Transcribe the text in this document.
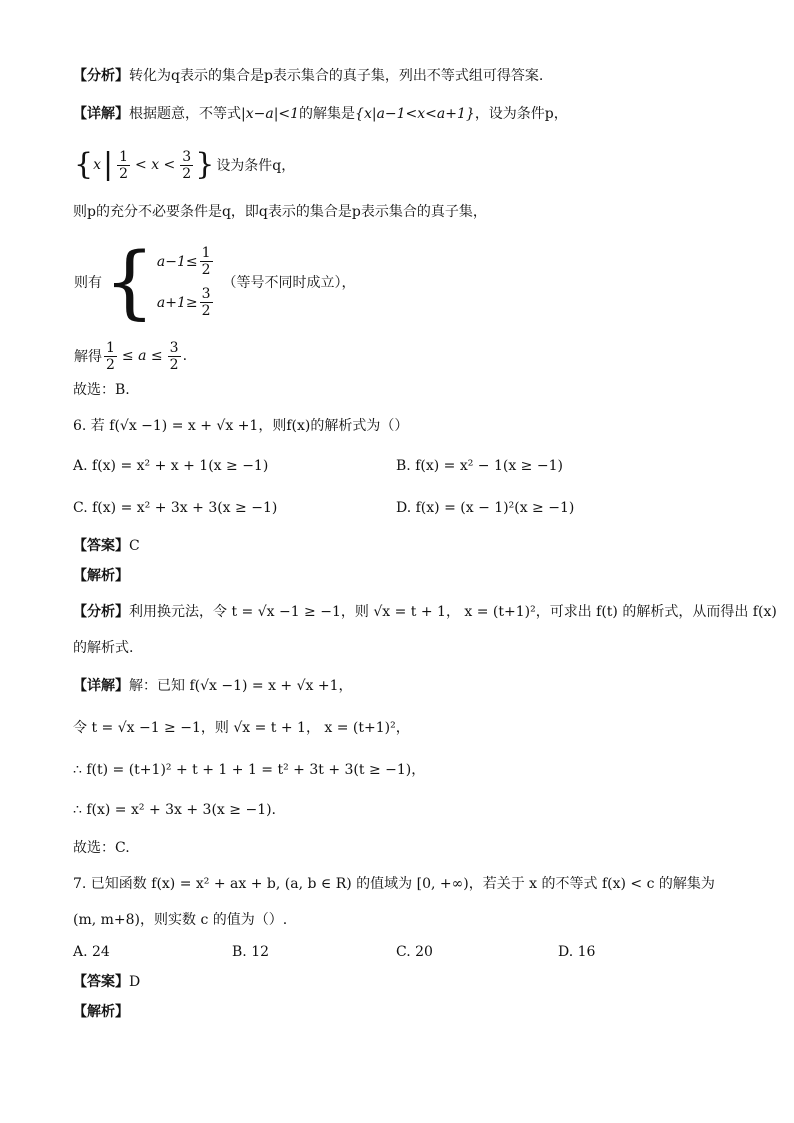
【分析】转化为q表示的集合是p表示集合的真子集，列出不等式组可得答案.
【详解】根据题意，不等式|x−a|<1的解集是{x|a−1<x<a+1}，设为条件p，
{ x | $\frac{1}{2} < x < \frac{3}{2}$ } 设为条件q，
则p的充分不必要条件是q，即q表示的集合是p表示集合的真子集，
则有 { $a-1\le \frac{1}{2}$
$a+1\ge \frac{3}{2}$
（等号不同时成立），
解得 $\frac{1}{2} \le a \le \frac{3}{2}$ .
故选：B.
6. 若 f(√x −1) = x + √x +1，则f(x)的解析式为（）
A. f(x) = x² + x + 1(x ≥ −1)	B. f(x) = x² − 1(x ≥ −1)
C. f(x) = x² + 3x + 3(x ≥ −1)	D. f(x) = (x − 1)²(x ≥ −1)
【答案】C
【解析】
【分析】利用换元法，令 t = √x −1 ≥ −1，则 √x = t + 1， x = (t+1)²，可求出 f(t) 的解析式，从而得出 f(x)
的解析式.
【详解】解：已知 f(√x −1) = x + √x +1，
令 t = √x −1 ≥ −1，则 √x = t + 1， x = (t+1)²，
∴ f(t) = (t+1)² + t + 1 + 1 = t² + 3t + 3(t ≥ −1)，
∴ f(x) = x² + 3x + 3(x ≥ −1).
故选：C.
7. 已知函数 f(x) = x² + ax + b, (a, b ∈ R) 的值域为 [0, +∞)，若关于 x 的不等式 f(x) < c 的解集为
(m, m+8)，则实数 c 的值为（）.
A. 24	B. 12	C. 20	D. 16
【答案】D
【解析】
